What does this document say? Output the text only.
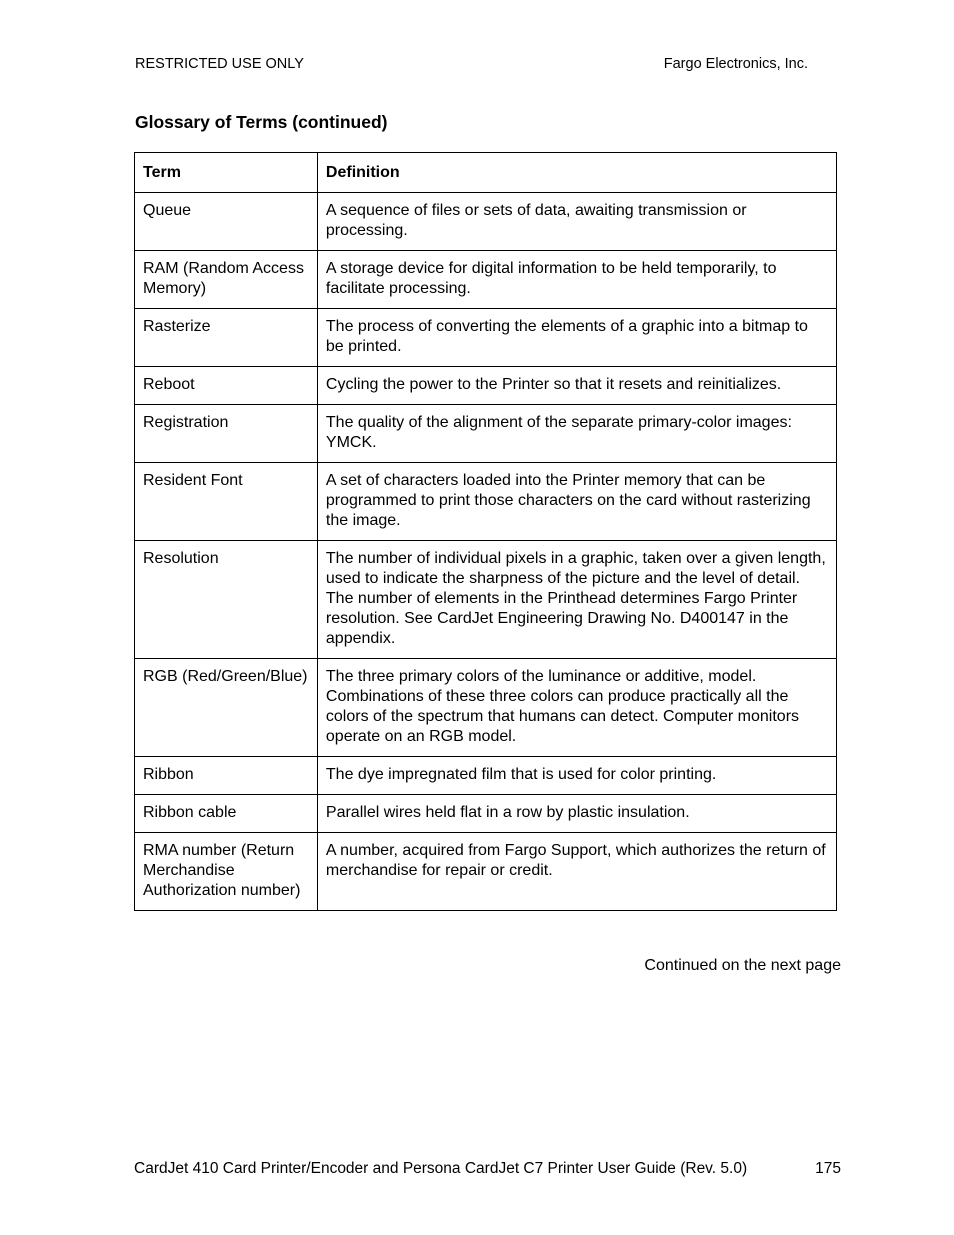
RESTRICTED USE ONLY	Fargo Electronics, Inc.
Glossary of Terms (continued)
Term	Definition
Queue	A sequence of files or sets of data, awaiting transmission or processing.
RAM (Random Access Memory)	A storage device for digital information to be held temporarily, to facilitate processing.
Rasterize	The process of converting the elements of a graphic into a bitmap to be printed.
Reboot	Cycling the power to the Printer so that it resets and reinitializes.
Registration	The quality of the alignment of the separate primary-color images: YMCK.
Resident Font	A set of characters loaded into the Printer memory that can be programmed to print those characters on the card without rasterizing the image.
Resolution	The number of individual pixels in a graphic, taken over a given length, used to indicate the sharpness of the picture and the level of detail. The number of elements in the Printhead determines Fargo Printer resolution. See CardJet Engineering Drawing No. D400147 in the appendix.
RGB (Red/Green/Blue)	The three primary colors of the luminance or additive, model. Combinations of these three colors can produce practically all the colors of the spectrum that humans can detect. Computer monitors operate on an RGB model.
Ribbon	The dye impregnated film that is used for color printing.
Ribbon cable	Parallel wires held flat in a row by plastic insulation.
RMA number (Return Merchandise Authorization number)	A number, acquired from Fargo Support, which authorizes the return of merchandise for repair or credit.
Continued on the next page
CardJet 410 Card Printer/Encoder and Persona CardJet C7 Printer User Guide (Rev. 5.0)	175
